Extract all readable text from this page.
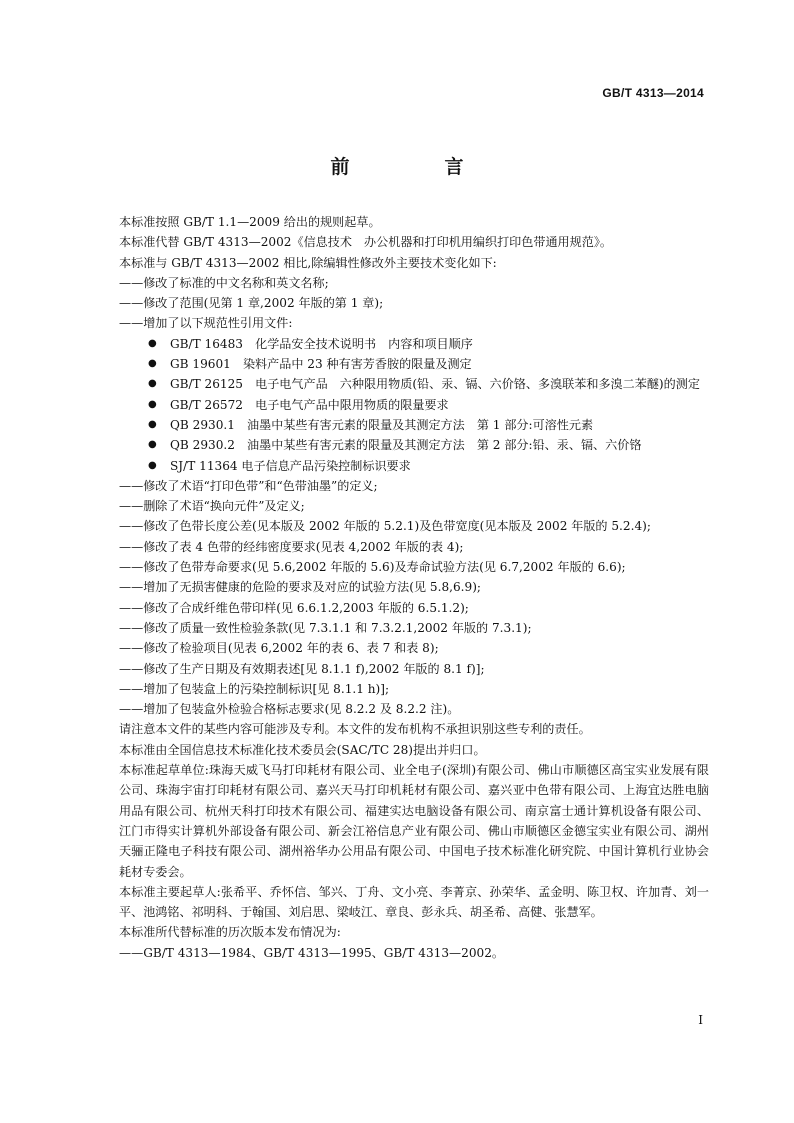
GB/T 4313—2014
前　言
本标准按照 GB/T 1.1—2009 给出的规则起草。
本标准代替 GB/T 4313—2002《信息技术　办公机器和打印机用编织打印色带通用规范》。
本标准与 GB/T 4313—2002 相比,除编辑性修改外主要技术变化如下:
——修改了标准的中文名称和英文名称;
——修改了范围(见第 1 章,2002 年版的第 1 章);
——增加了以下规范性引用文件:
●	GB/T 16483　化学品安全技术说明书　内容和项目顺序
●	GB 19601　染料产品中 23 种有害芳香胺的限量及测定
●	GB/T 26125　电子电气产品　六种限用物质(铅、汞、镉、六价铬、多溴联苯和多溴二苯醚)的测定
●	GB/T 26572　电子电气产品中限用物质的限量要求
●	QB 2930.1　油墨中某些有害元素的限量及其测定方法　第 1 部分:可溶性元素
●	QB 2930.2　油墨中某些有害元素的限量及其测定方法　第 2 部分:铅、汞、镉、六价铬
●	SJ/T 11364 电子信息产品污染控制标识要求
——修改了术语“打印色带”和“色带油墨”的定义;
——删除了术语“换向元件”及定义;
——修改了色带长度公差(见本版及 2002 年版的 5.2.1)及色带宽度(见本版及 2002 年版的 5.2.4);
——修改了表 4 色带的经纬密度要求(见表 4,2002 年版的表 4);
——修改了色带寿命要求(见 5.6,2002 年版的 5.6)及寿命试验方法(见 6.7,2002 年版的 6.6);
——增加了无损害健康的危险的要求及对应的试验方法(见 5.8,6.9);
——修改了合成纤维色带印样(见 6.6.1.2,2003 年版的 6.5.1.2);
——修改了质量一致性检验条款(见 7.3.1.1 和 7.3.2.1,2002 年版的 7.3.1);
——修改了检验项目(见表 6,2002 年的表 6、表 7 和表 8);
——修改了生产日期及有效期表述[见 8.1.1 f),2002 年版的 8.1 f)];
——增加了包装盒上的污染控制标识[见 8.1.1 h)];
——增加了包装盒外检验合格标志要求(见 8.2.2 及 8.2.2 注)。
请注意本文件的某些内容可能涉及专利。本文件的发布机构不承担识别这些专利的责任。
本标准由全国信息技术标准化技术委员会(SAC/TC 28)提出并归口。
本标准起草单位:珠海天威飞马打印耗材有限公司、业全电子(深圳)有限公司、佛山市顺德区高宝实业发展有限公司、珠海宇宙打印耗材有限公司、嘉兴天马打印机耗材有限公司、嘉兴亚中色带有限公司、上海宜达胜电脑用品有限公司、杭州天科打印技术有限公司、福建实达电脑设备有限公司、南京富士通计算机设备有限公司、江门市得实计算机外部设备有限公司、新会江裕信息产业有限公司、佛山市顺德区金德宝实业有限公司、湖州天骊正隆电子科技有限公司、湖州裕华办公用品有限公司、中国电子技术标准化研究院、中国计算机行业协会耗材专委会。
本标准主要起草人:张希平、乔怀信、邹兴、丁舟、文小亮、李菁京、孙荣华、孟金明、陈卫权、许加青、刘一平、池鸿铭、祁明科、于翰国、刘启思、梁岐江、章良、彭永兵、胡圣希、高健、张慧军。
本标准所代替标准的历次版本发布情况为:
——GB/T 4313—1984、GB/T 4313—1995、GB/T 4313—2002。
I
